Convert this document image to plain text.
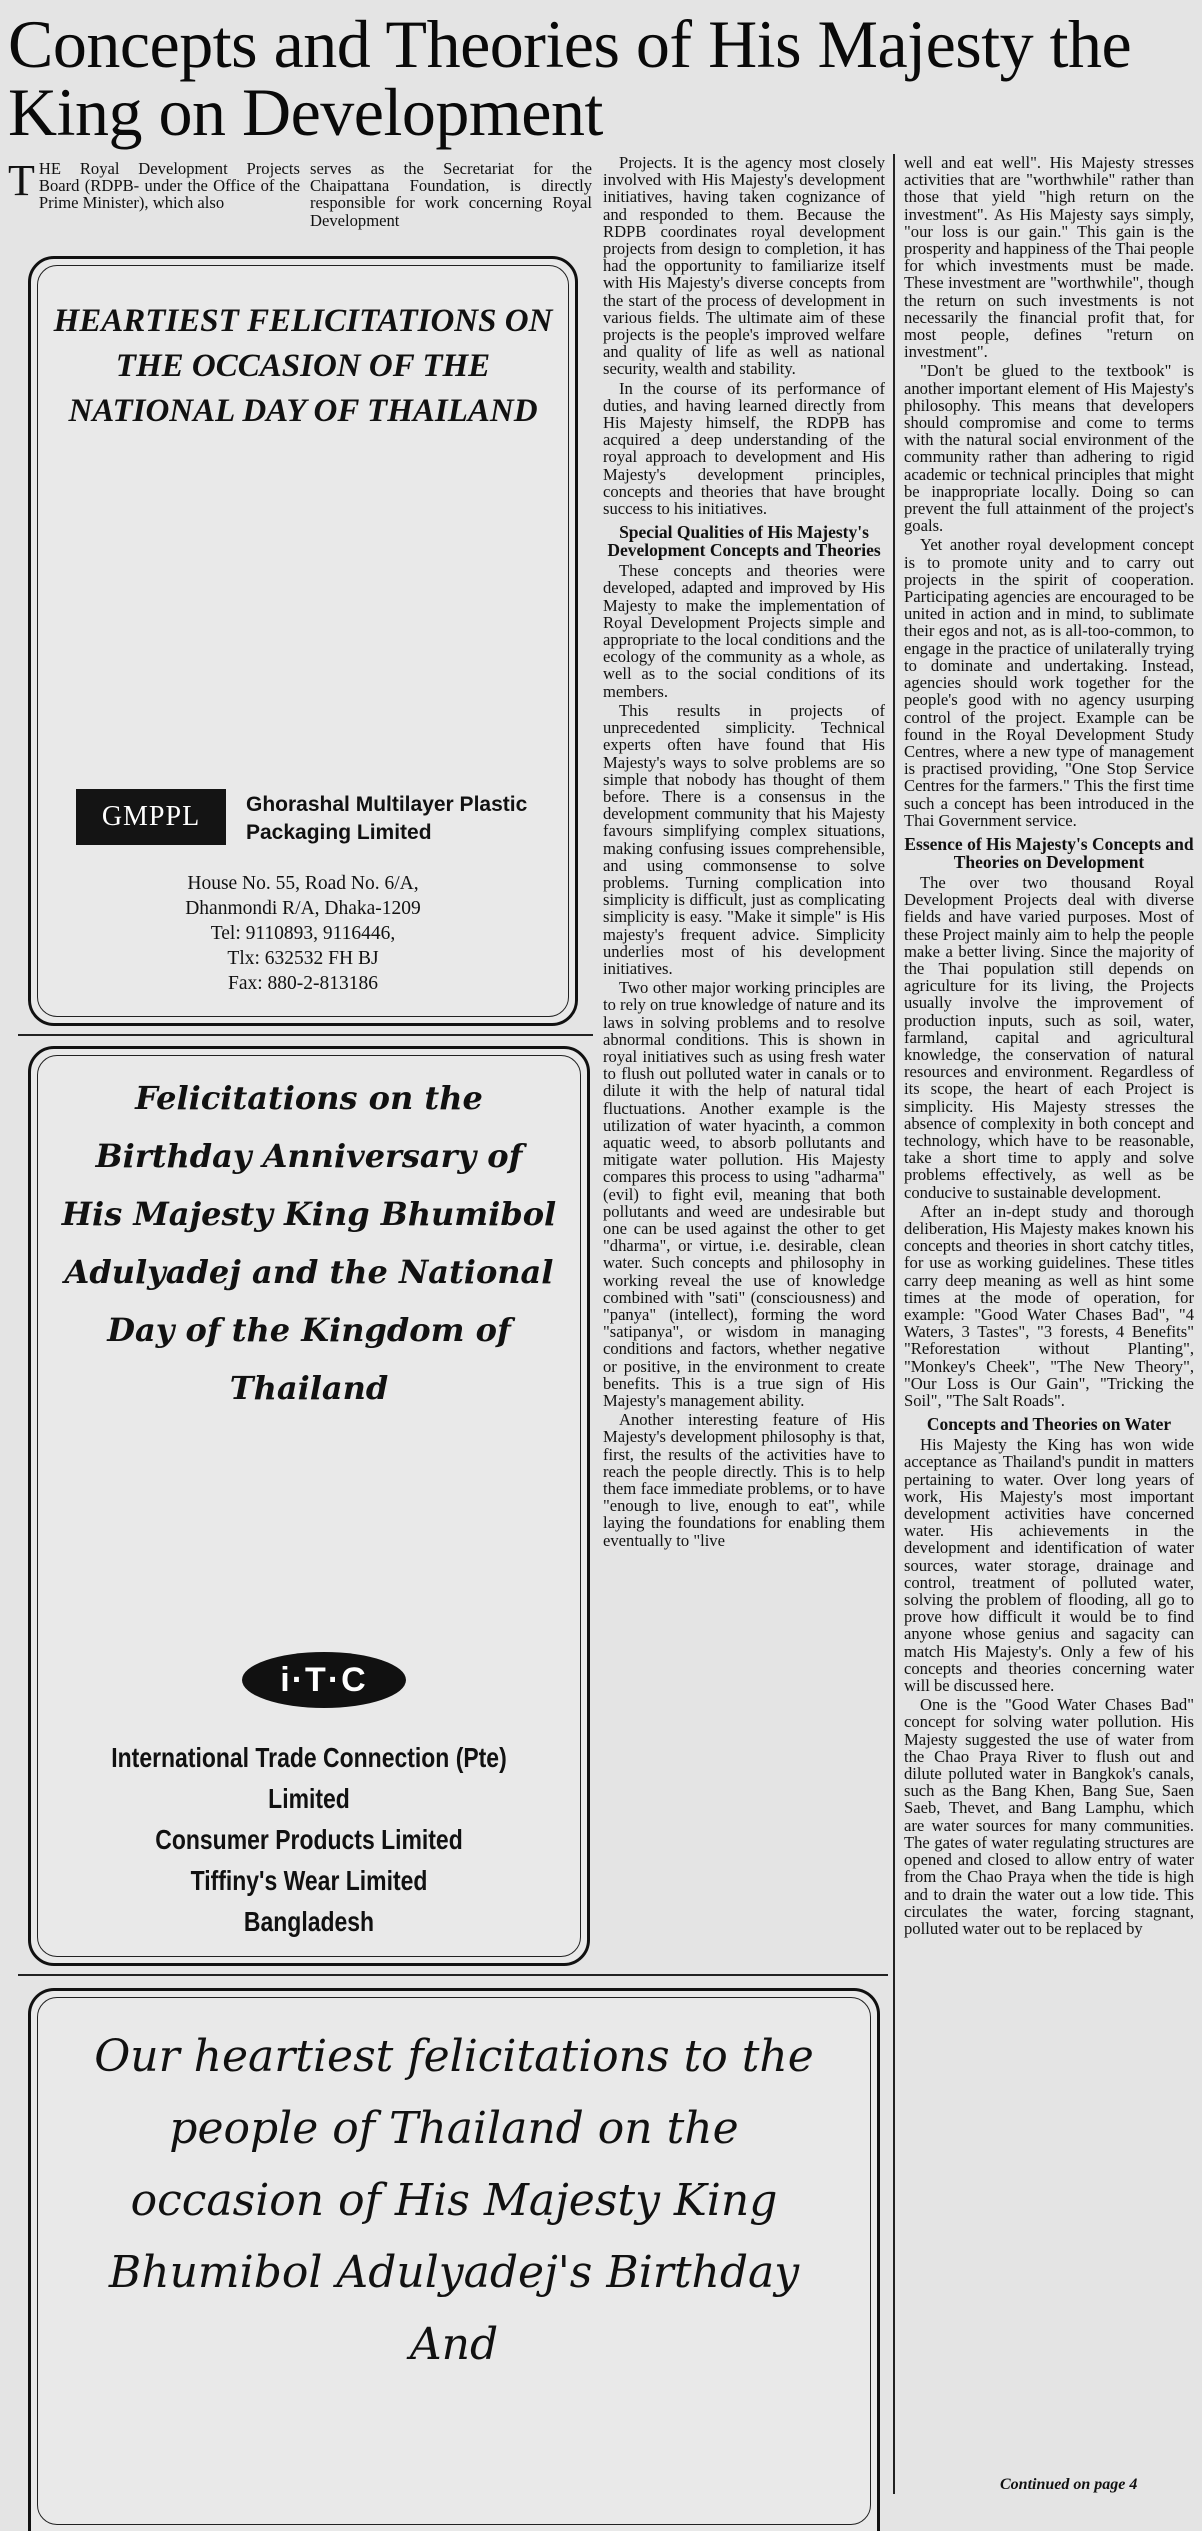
Concepts and Theories of His Majesty the King on Development
THE Royal Development Projects Board (RDPB- under the Office of the Prime Minister), which also

serves as the Secretariat for the Chaipattana Foundation, is directly responsible for work concerning Royal Development

Projects. It is the agency most closely involved with His Majesty's development initiatives, having taken cognizance of and responded to them. Because the RDPB coordinates royal development projects from design to completion, it has had the opportunity to familiarize itself with His Majesty's diverse concepts from the start of the process of development in various fields. The ultimate aim of these projects is the people's improved welfare and quality of life as well as national security, wealth and stability.

In the course of its performance of duties, and having learned directly from His Majesty himself, the RDPB has acquired a deep understanding of the royal approach to development and His Majesty's development principles, concepts and theories that have brought success to his initiatives.

Special Qualities of His Majesty's Development Concepts and Theories

These concepts and theories were developed, adapted and improved by His Majesty to make the implementation of Royal Development Projects simple and appropriate to the local conditions and the ecology of the community as a whole, as well as to the social conditions of its members.

This results in projects of unprecedented simplicity. Technical experts often have found that His Majesty's ways to solve problems are so simple that nobody has thought of them before. There is a consensus in the development community that his Majesty favours simplifying complex situations, making confusing issues comprehensible, and using commonsense to solve problems. Turning complication into simplicity is difficult, just as complicating simplicity is easy. "Make it simple" is His majesty's frequent advice. Simplicity underlies most of his development initiatives.

Two other major working principles are to rely on true knowledge of nature and its laws in solving problems and to resolve abnormal conditions. This is shown in royal initiatives such as using fresh water to flush out polluted water in canals or to dilute it with the help of natural tidal fluctuations. Another example is the utilization of water hyacinth, a common aquatic weed, to absorb pollutants and mitigate water pollution. His Majesty compares this process to using "adharma" (evil) to fight evil, meaning that both pollutants and weed are undesirable but one can be used against the other to get "dharma", or virtue, i.e. desirable, clean water. Such concepts and philosophy in working reveal the use of knowledge combined with "sati" (consciousness) and "panya" (intellect), forming the word "satipanya", or wisdom in managing conditions and factors, whether negative or positive, in the environment to create benefits. This is a true sign of His Majesty's management ability.

Another interesting feature of His Majesty's development philosophy is that, first, the results of the activities have to reach the people directly. This is to help them face immediate problems, or to have "enough to live, enough to eat", while laying the foundations for enabling them eventually to "live

well and eat well". His Majesty stresses activities that are "worthwhile" rather than those that yield "high return on the investment". As His Majesty says simply, "our loss is our gain." This gain is the prosperity and happiness of the Thai people for which investments must be made. These investment are "worthwhile", though the return on such investments is not necessarily the financial profit that, for most people, defines "return on investment".

"Don't be glued to the textbook" is another important element of His Majesty's philosophy. This means that developers should compromise and come to terms with the natural social environment of the community rather than adhering to rigid academic or technical principles that might be inappropriate locally. Doing so can prevent the full attainment of the project's goals.

Yet another royal development concept is to promote unity and to carry out projects in the spirit of cooperation. Participating agencies are encouraged to be united in action and in mind, to sublimate their egos and not, as is all-too-common, to engage in the practice of unilaterally trying to dominate and undertaking. Instead, agencies should work together for the people's good with no agency usurping control of the project. Example can be found in the Royal Development Study Centres, where a new type of management is practised providing, "One Stop Service Centres for the farmers." This the first time such a concept has been introduced in the Thai Government service.

Essence of His Majesty's Concepts and Theories on Development

The over two thousand Royal Development Projects deal with diverse fields and have varied purposes. Most of these Project mainly aim to help the people make a better living. Since the majority of the Thai population still depends on agriculture for its living, the Projects usually involve the improvement of production inputs, such as soil, water, farmland, capital and agricultural knowledge, the conservation of natural resources and environment. Regardless of its scope, the heart of each Project is simplicity. His Majesty stresses the absence of complexity in both concept and technology, which have to be reasonable, take a short time to apply and solve problems effectively, as well as be conducive to sustainable development.

After an in-dept study and thorough deliberation, His Majesty makes known his concepts and theories in short catchy titles, for use as working guidelines. These titles carry deep meaning as well as hint some times at the mode of operation, for example: "Good Water Chases Bad", "4 Waters, 3 Tastes", "3 forests, 4 Benefits" "Reforestation without Planting", "Monkey's Cheek", "The New Theory", "Our Loss is Our Gain", "Tricking the Soil", "The Salt Roads".

Concepts and Theories on Water

His Majesty the King has won wide acceptance as Thailand's pundit in matters pertaining to water. Over long years of work, His Majesty's most important development activities have concerned water. His achievements in the development and identification of water sources, water storage, drainage and control, treatment of polluted water, solving the problem of flooding, all go to prove how difficult it would be to find anyone whose genius and sagacity can match His Majesty's. Only a few of his concepts and theories concerning water will be discussed here.

One is the "Good Water Chases Bad" concept for solving water pollution. His Majesty suggested the use of water from the Chao Praya River to flush out and dilute polluted water in Bangkok's canals, such as the Bang Khen, Bang Sue, Saen Saeb, Thevet, and Bang Lamphu, which are water sources for many communities. The gates of water regulating structures are opened and closed to allow entry of water from the Chao Praya when the tide is high and to drain the water out a low tide. This circulates the water, forcing stagnant, polluted water out to be replaced by

Continued on page 4

HEARTIEST FELICITATIONS ON THE OCCASION OF THE NATIONAL DAY OF THAILAND

GMPPL	Ghorashal Multilayer Plastic Packaging Limited
House No. 55, Road No. 6/A,
Dhanmondi R/A, Dhaka-1209
Tel: 9110893, 9116446,
Tlx: 632532 FH BJ
Fax: 880-2-813186

Felicitations on the Birthday Anniversary of His Majesty King Bhumibol Adulyadej and the National Day of the Kingdom of Thailand

i·T·C
International Trade Connection (Pte) Limited
Consumer Products Limited
Tiffiny's Wear Limited
Bangladesh

Our heartiest felicitations to the people of Thailand on the occasion of His Majesty King Bhumibol Adulyadej's Birthday And
